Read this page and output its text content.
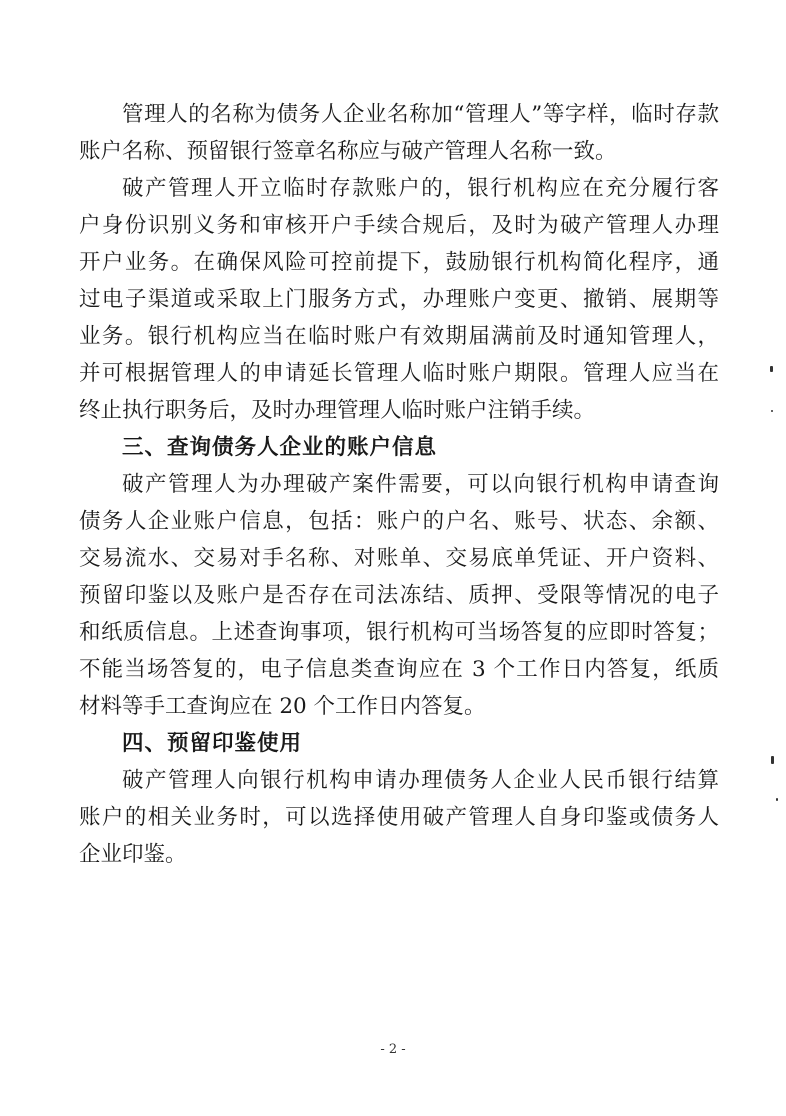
管理人的名称为债务人企业名称加“管理人”等字样，临时存款
账户名称、预留银行签章名称应与破产管理人名称一致。
破产管理人开立临时存款账户的，银行机构应在充分履行客
户身份识别义务和审核开户手续合规后，及时为破产管理人办理
开户业务。在确保风险可控前提下，鼓励银行机构简化程序，通
过电子渠道或采取上门服务方式，办理账户变更、撤销、展期等
业务。银行机构应当在临时账户有效期届满前及时通知管理人，
并可根据管理人的申请延长管理人临时账户期限。管理人应当在
终止执行职务后，及时办理管理人临时账户注销手续。
三、查询债务人企业的账户信息
破产管理人为办理破产案件需要，可以向银行机构申请查询
债务人企业账户信息，包括：账户的户名、账号、状态、余额、
交易流水、交易对手名称、对账单、交易底单凭证、开户资料、
预留印鉴以及账户是否存在司法冻结、质押、受限等情况的电子
和纸质信息。上述查询事项，银行机构可当场答复的应即时答复；
不能当场答复的，电子信息类查询应在 3 个工作日内答复，纸质
材料等手工查询应在 20 个工作日内答复。
四、预留印鉴使用
破产管理人向银行机构申请办理债务人企业人民币银行结算
账户的相关业务时，可以选择使用破产管理人自身印鉴或债务人
企业印鉴。
- 2 -
